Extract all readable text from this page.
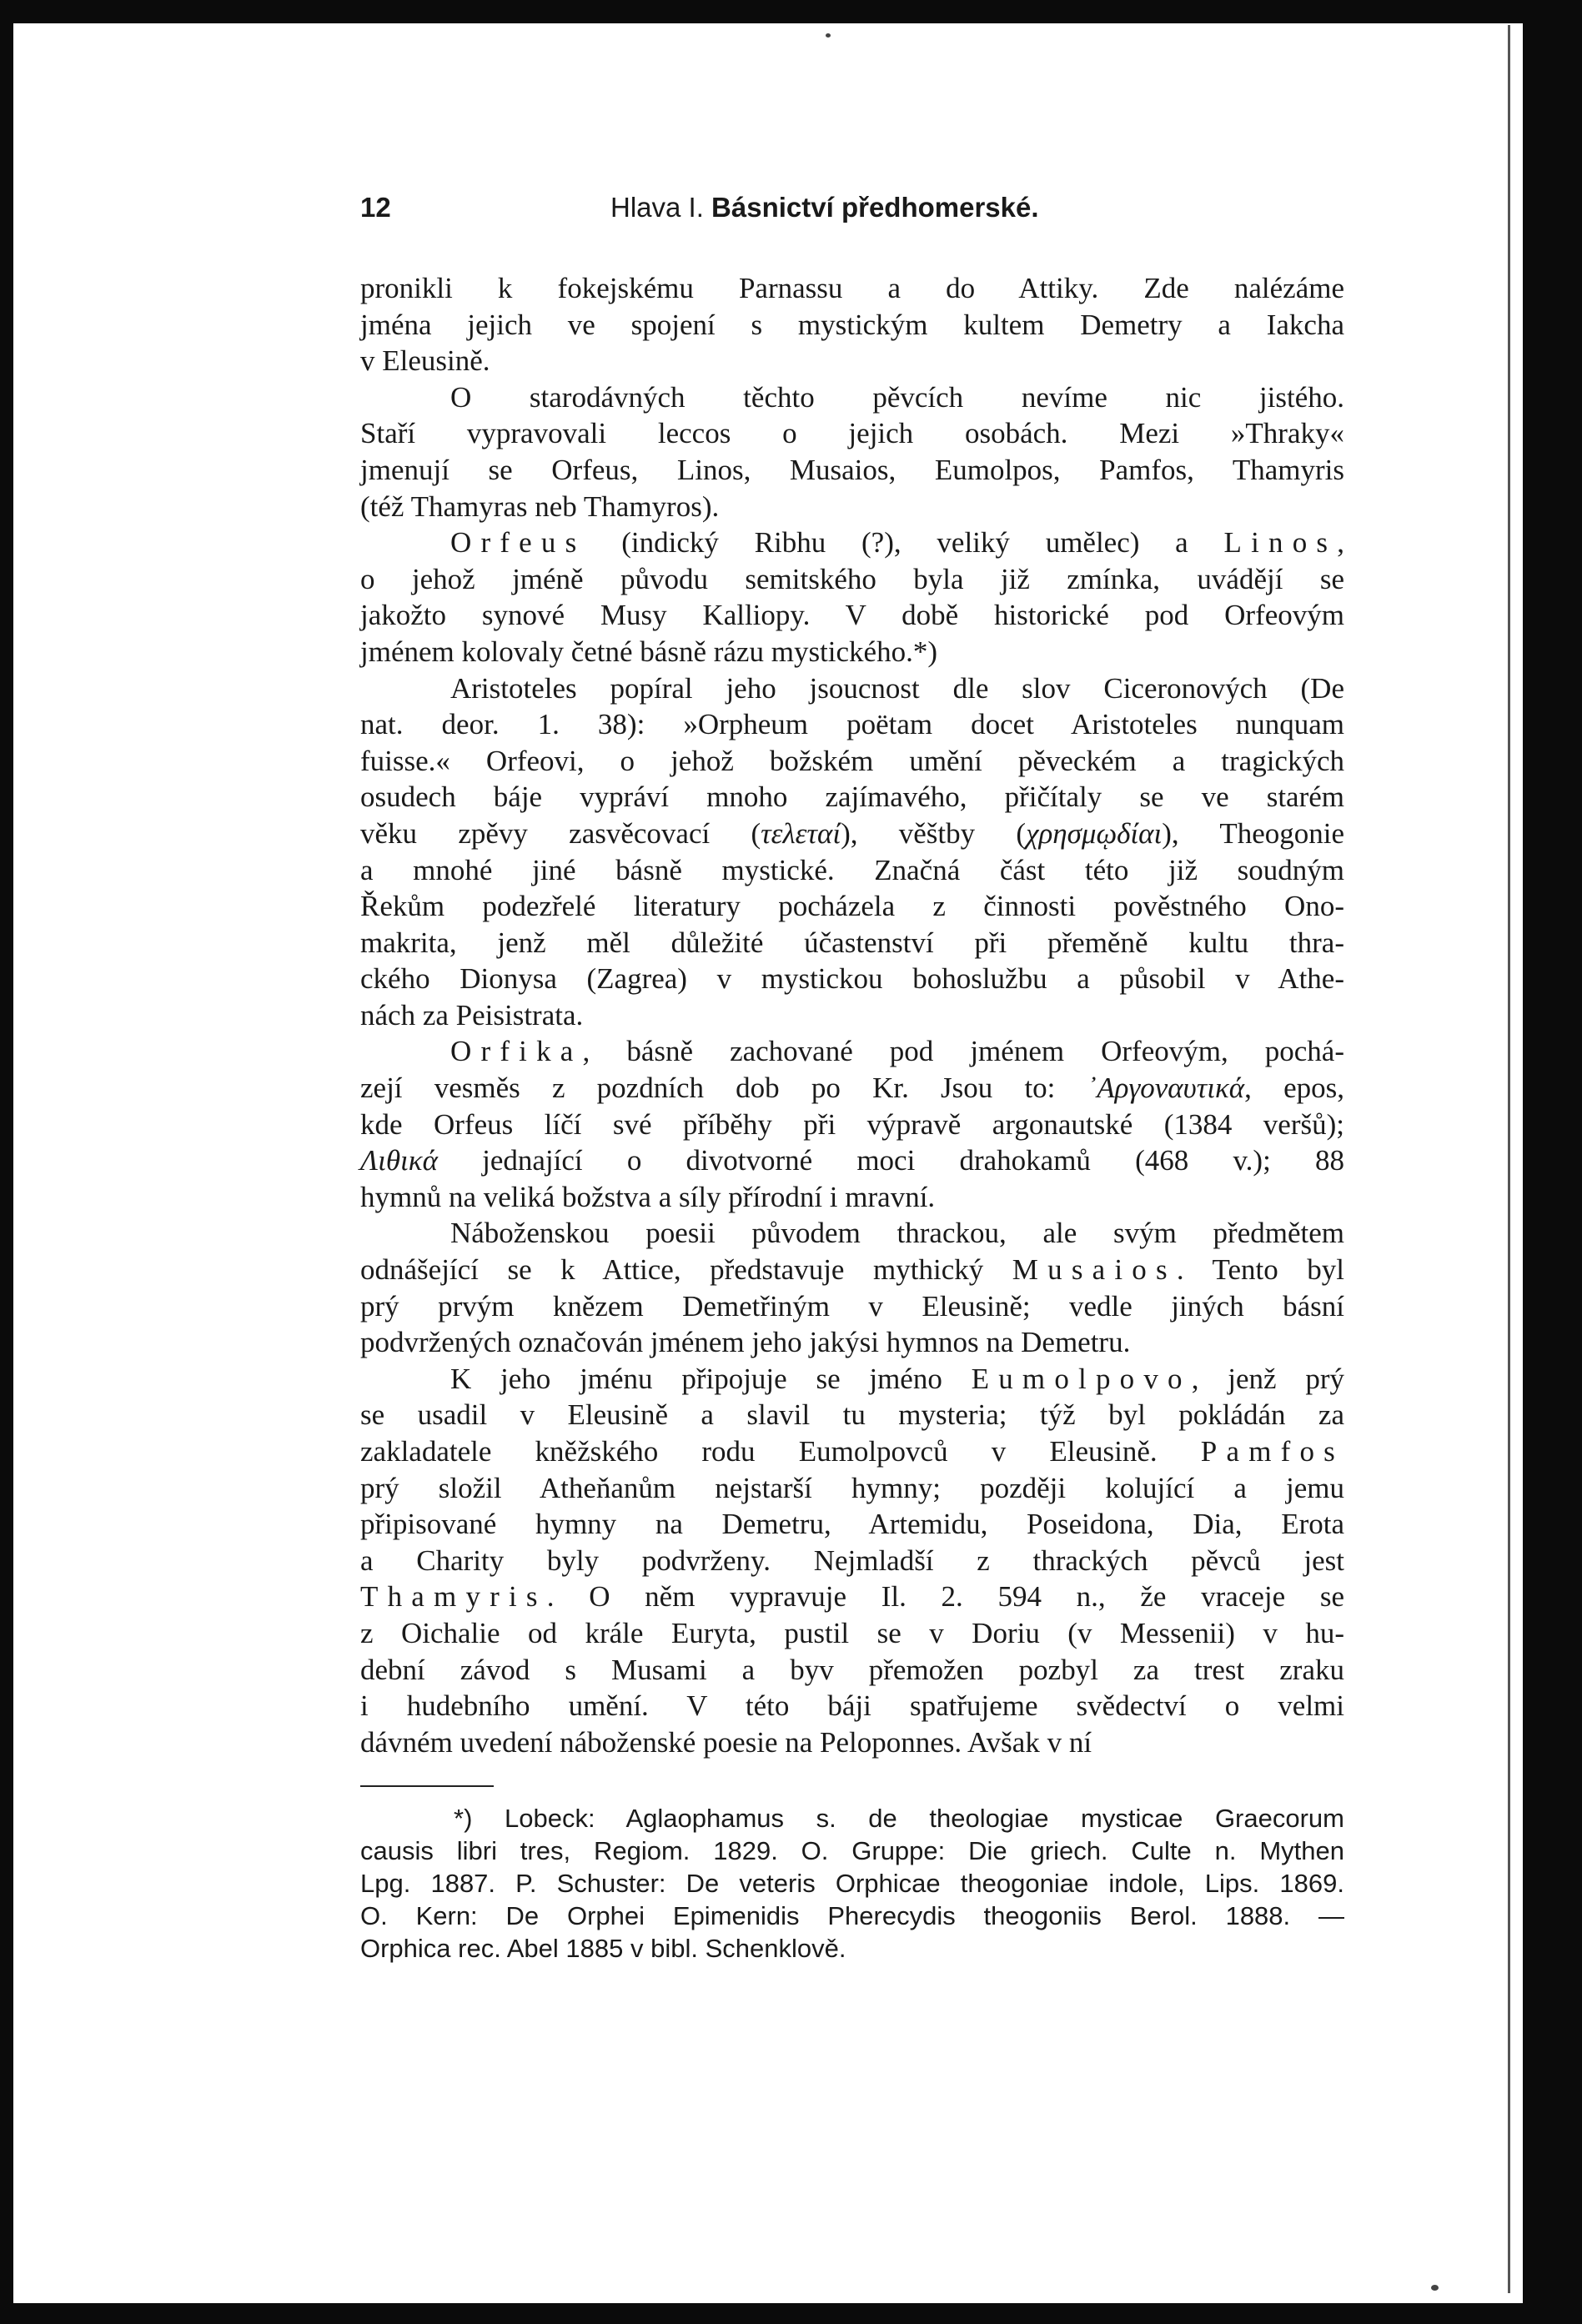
12	Hlava I. Básnictví předhomerské.

pronikli k fokejskému Parnassu a do Attiky. Zde nalézáme
jména jejich ve spojení s mystickým kultem Demetry a Iakcha
v Eleusině.

O starodávných těchto pěvcích nevíme nic jistého.
Staří vypravovali leccos o jejich osobách. Mezi »Thraky«
jmenují se Orfeus, Linos, Musaios, Eumolpos, Pamfos, Thamyris
(též Thamyras neb Thamyros).

Orfeus (indický Ribhu (?), veliký umělec) a Linos,
o jehož jméně původu semitského byla již zmínka, uvádějí se
jakožto synové Musy Kalliopy. V době historické pod Orfeovým
jménem kolovaly četné básně rázu mystického.*)

Aristoteles popíral jeho jsoucnost dle slov Ciceronových (De
nat. deor. 1. 38): »Orpheum poëtam docet Aristoteles nunquam
fuisse.« Orfeovi, o jehož božském umění pěveckém a tragických
osudech báje vypráví mnoho zajímavého, přičítaly se ve starém
věku zpěvy zasvěcovací (τελεταί), věštby (χρησμῳδίαι), Theogonie
a mnohé jiné básně mystické. Značná část této již soudným
Řekům podezřelé literatury pocházela z činnosti pověstného Ono-
makrita, jenž měl důležité účastenství při přeměně kultu thra-
ckého Dionysa (Zagrea) v mystickou bohoslužbu a působil v Athe-
nách za Peisistrata.

Orfika, básně zachované pod jménem Orfeovým, pochá-
zejí vesměs z pozdních dob po Kr. Jsou to: ᾿Αργοναυτικά, epos,
kde Orfeus líčí své příběhy při výpravě argonautské (1384 veršů);
Λιθικά jednající o divotvorné moci drahokamů (468 v.); 88
hymnů na veliká božstva a síly přírodní i mravní.

Náboženskou poesii původem thrackou, ale svým předmětem
odnášející se k Attice, představuje mythický Musaios. Tento byl
prý prvým knězem Demetřiným v Eleusině; vedle jiných básní
podvržených označován jménem jeho jakýsi hymnos na Demetru.

K jeho jménu připojuje se jméno Eumolpovo, jenž prý
se usadil v Eleusině a slavil tu mysteria; týž byl pokládán za
zakladatele kněžského rodu Eumolpovců v Eleusině. Pamfos
prý složil Atheňanům nejstarší hymny; později kolující a jemu
připisované hymny na Demetru, Artemidu, Poseidona, Dia, Erota
a Charity byly podvrženy. Nejmladší z thrackých pěvců jest
Thamyris. O něm vypravuje Il. 2. 594 n., že vraceje se
z Oichalie od krále Euryta, pustil se v Doriu (v Messenii) v hu-
dební závod s Musami a byv přemožen pozbyl za trest zraku
i hudebního umění. V této báji spatřujeme svědectví o velmi
dávném uvedení náboženské poesie na Peloponnes. Avšak v ní

*) Lobeck: Aglaophamus s. de theologiae mysticae Graecorum
causis libri tres, Regiom. 1829. O. Gruppe: Die griech. Culte n. Mythen
Lpg. 1887. P. Schuster: De veteris Orphicae theogoniae indole, Lips. 1869.
O. Kern: De Orphei Epimenidis Pherecydis theogoniis Berol. 1888. —
Orphica rec. Abel 1885 v bibl. Schenklově.
